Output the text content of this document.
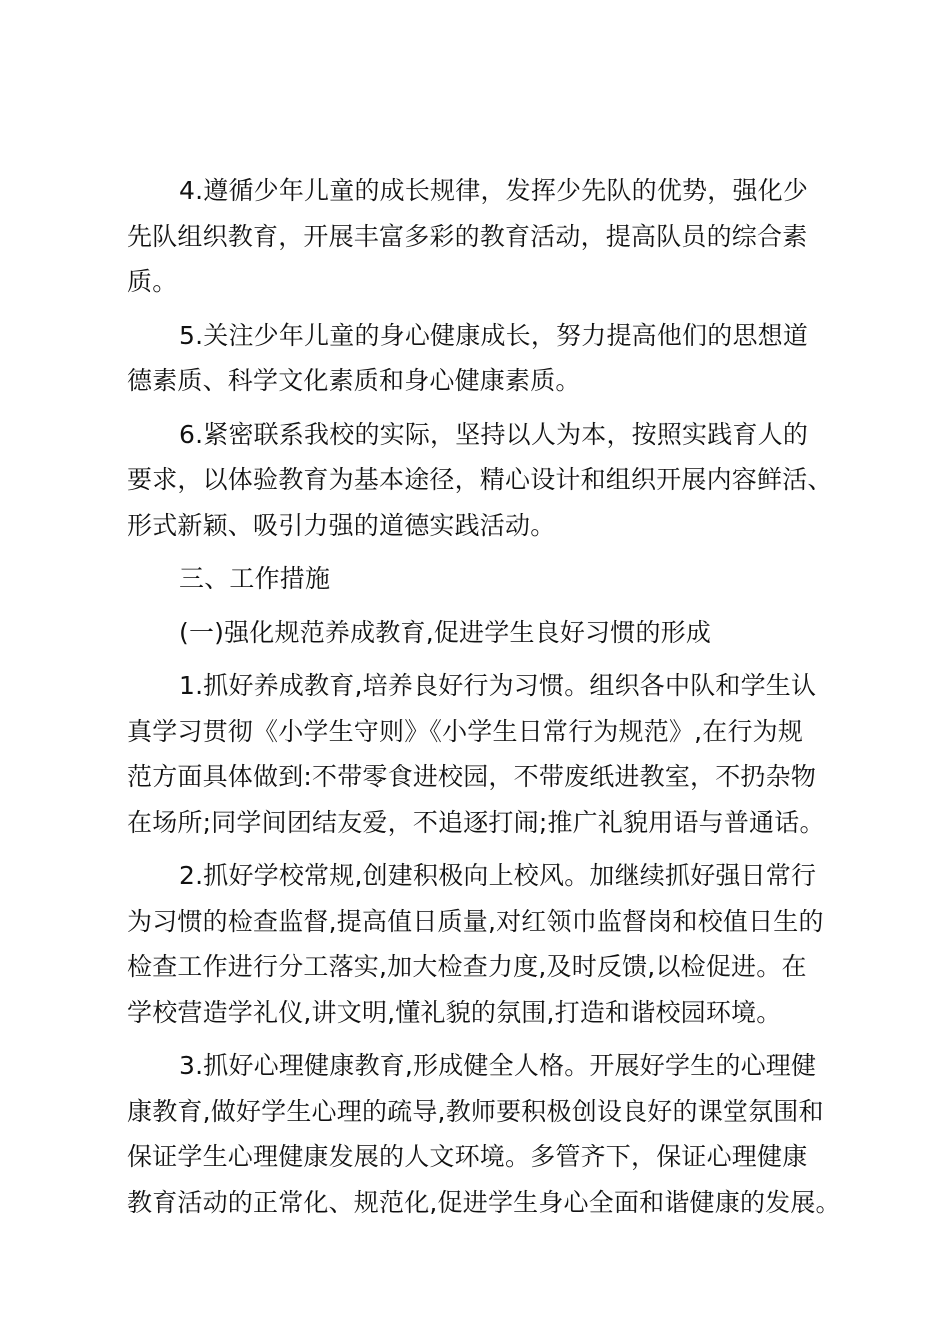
4.遵循少年儿童的成长规律，发挥少先队的优势，强化少
先队组织教育，开展丰富多彩的教育活动，提高队员的综合素
质。

5.关注少年儿童的身心健康成长，努力提高他们的思想道
德素质、科学文化素质和身心健康素质。

6.紧密联系我校的实际，坚持以人为本，按照实践育人的
要求，以体验教育为基本途径，精心设计和组织开展内容鲜活、
形式新颖、吸引力强的道德实践活动。

三、工作措施

(一)强化规范养成教育,促进学生良好习惯的形成

1.抓好养成教育,培养良好行为习惯。组织各中队和学生认
真学习贯彻《小学生守则》《小学生日常行为规范》,在行为规
范方面具体做到:不带零食进校园，不带废纸进教室，不扔杂物
在场所;同学间团结友爱，不追逐打闹;推广礼貌用语与普通话。

2.抓好学校常规,创建积极向上校风。加继续抓好强日常行
为习惯的检查监督,提高值日质量,对红领巾监督岗和校值日生的
检查工作进行分工落实,加大检查力度,及时反馈,以检促进。在
学校营造学礼仪,讲文明,懂礼貌的氛围,打造和谐校园环境。

3.抓好心理健康教育,形成健全人格。开展好学生的心理健
康教育,做好学生心理的疏导,教师要积极创设良好的课堂氛围和
保证学生心理健康发展的人文环境。多管齐下，保证心理健康
教育活动的正常化、规范化,促进学生身心全面和谐健康的发展。
